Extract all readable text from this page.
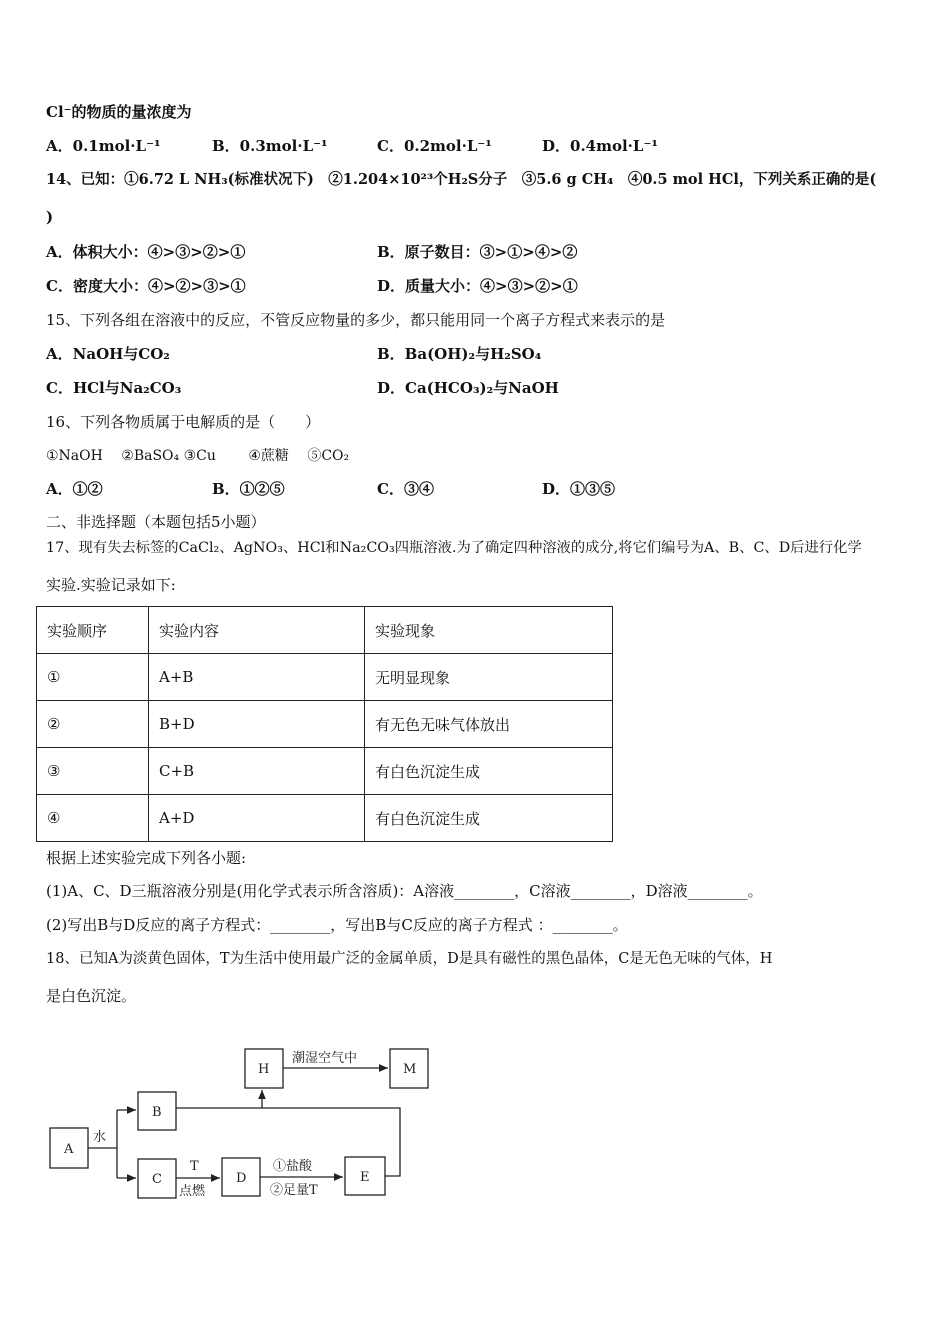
Cl⁻的物质的量浓度为
A．0.1mol·L⁻¹	B．0.3mol·L⁻¹	C．0.2mol·L⁻¹	D．0.4mol·L⁻¹
14、已知：①6.72 L NH₃(标准状况下)　②1.204×10²³个H₂S分子　③5.6 g CH₄　④0.5 mol HCl，下列关系正确的是(
)
A．体积大小：④>③>②>①	B．原子数目：③>①>④>②
C．密度大小：④>②>③>①	D．质量大小：④>③>②>①
15、下列各组在溶液中的反应，不管反应物量的多少，都只能用同一个离子方程式来表示的是
A．NaOH与CO₂	B．Ba(OH)₂与H₂SO₄
C．HCl与Na₂CO₃	D．Ca(HCO₃)₂与NaOH
16、下列各物质属于电解质的是（　　）
①NaOH　 ②BaSO₄ ③Cu　　 ④蔗糖　 ⑤CO₂
A．①②	B．①②⑤	C．③④	D．①③⑤
二、非选择题（本题包括5小题）
17、现有失去标签的CaCl₂、AgNO₃、HCl和Na₂CO₃四瓶溶液.为了确定四种溶液的成分,将它们编号为A、B、C、D后进行化学
实验.实验记录如下:
实验顺序	实验内容	实验现象
①	A+B	无明显现象
②	B+D	有无色无味气体放出
③	C+B	有白色沉淀生成
④	A+D	有白色沉淀生成
根据上述实验完成下列各小题:
(1)A、C、D三瓶溶液分别是(用化学式表示所含溶质)：A溶液________，C溶液________，D溶液________。
(2)写出B与D反应的离子方程式：________，写出B与C反应的离子方程式 ：________。
18、已知A为淡黄色固体，T为生活中使用最广泛的金属单质，D是具有磁性的黑色晶体，C是无色无味的气体，H
是白色沉淀。
A
B
C	D	E
H	M
水
T
点燃
①盐酸
②足量T
潮湿空气中
